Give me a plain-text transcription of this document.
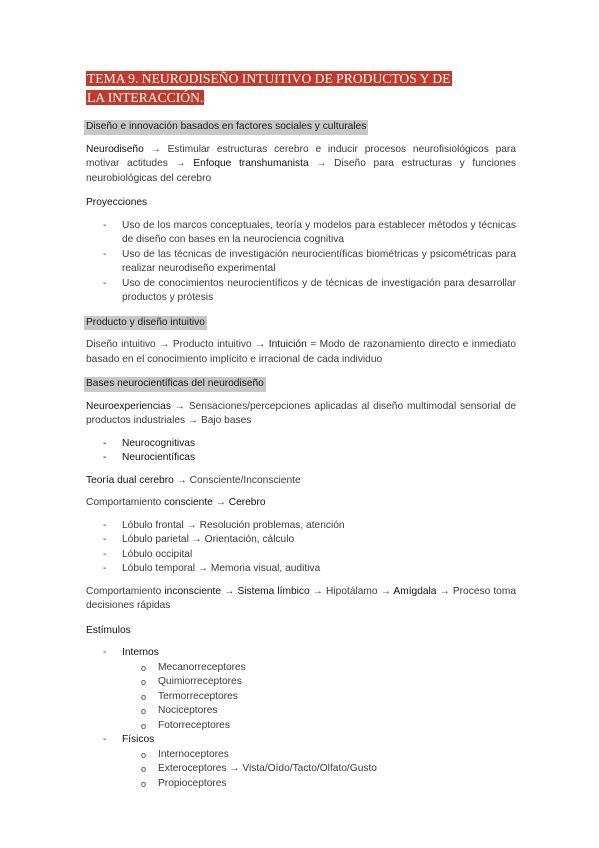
TEMA 9. NEURODISEÑO INTUITIVO DE PRODUCTOS Y DE LA INTERACCIÓN.
Diseño e innovación basados en factores sociales y culturales

Neurodiseño → Estimular estructuras cerebro e inducir procesos neurofisiológicos para motivar actitudes → Enfoque transhumanista → Diseño para estructuras y funciones neurobiológicas del cerebro

Proyecciones
- Uso de los marcos conceptuales, teoría y modelos para establecer métodos y técnicas de diseño con bases en la neurociencia cognitiva
- Uso de las técnicas de investigación neurocientíficas biométricas y psicométricas para realizar neurodiseño experimental
- Uso de conocimientos neurocientíficos y de técnicas de investigación para desarrollar productos y prótesis
Producto y diseño intuitivo

Diseño intuitivo → Producto intuitivo → Intuición = Modo de razonamiento directo e inmediato basado en el conocimiento implícito e irracional de cada individuo

Bases neurocientíficas del neurodiseño

Neuroexperiencias → Sensaciones/percepciones aplicadas al diseño multimodal sensorial de productos industriales → Bajo bases

- Neurocognitivas
- Neurocientíficas

Teoría dual cerebro → Consciente/Inconsciente

Comportamiento consciente → Cerebro

- Lóbulo frontal → Resolución problemas, atención
- Lóbulo parietal → Orientación, cálculo
- Lóbulo occipital
- Lóbulo temporal → Memoria visual, auditiva

Comportamiento inconsciente → Sistema límbico → Hipotálamo → Amígdala → Proceso toma decisiones rápidas

Estímulos
- Internos
o Mecanorreceptores
o Quimiorreceptores
o Termorreceptores
o Nociceptores
o Fotorreceptores
- Físicos
o Internoceptores
o Exteroceptores → Vista/Oído/Tacto/Olfato/Gusto
o Propioceptores
